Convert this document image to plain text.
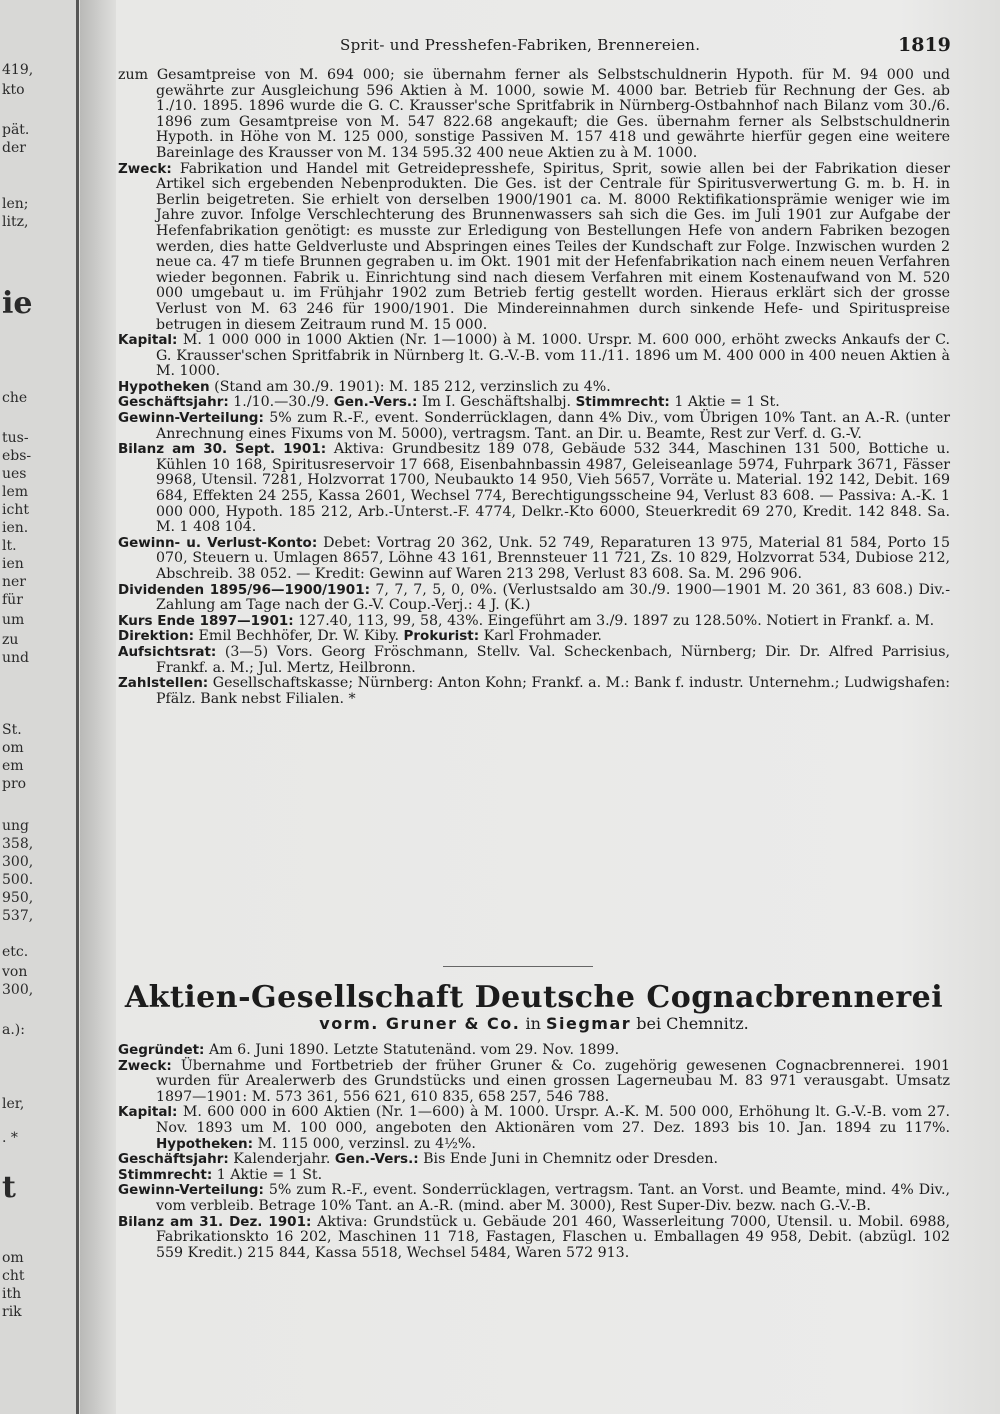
419,
kto
pät.
der
len;
litz,
ie
che
tus-
ebs-
ues
lem
icht
ien.
lt.
ien
ner
für
um
zu
und
St.
om
em
pro
ung
358,
300,
500.
950,
537,
etc.
von
300,
a.):
ler,
. *
t
om
cht
ith
rik
Sprit- und Presshefen-Fabriken, Brennereien.	1819

zum Gesamtpreise von M. 694 000; sie übernahm ferner als Selbstschuldnerin Hypoth. für M. 94 000 und gewährte zur Ausgleichung 596 Aktien à M. 1000, sowie M. 4000 bar. Betrieb für Rechnung der Ges. ab 1./10. 1895. 1896 wurde die G. C. Krausser'sche Spritfabrik in Nürnberg-Ostbahnhof nach Bilanz vom 30./6. 1896 zum Gesamtpreise von M. 547 822.68 angekauft; die Ges. übernahm ferner als Selbstschuldnerin Hypoth. in Höhe von M. 125 000, sonstige Passiven M. 157 418 und gewährte hierfür gegen eine weitere Bareinlage des Krausser von M. 134 595.32 400 neue Aktien zu à M. 1000.

Zweck: Fabrikation und Handel mit Getreidepresshefe, Spiritus, Sprit, sowie allen bei der Fabrikation dieser Artikel sich ergebenden Nebenprodukten. Die Ges. ist der Centrale für Spiritusverwertung G. m. b. H. in Berlin beigetreten. Sie erhielt von derselben 1900/1901 ca. M. 8000 Rektifikationsprämie weniger wie im Jahre zuvor. Infolge Verschlechterung des Brunnenwassers sah sich die Ges. im Juli 1901 zur Aufgabe der Hefenfabrikation genötigt: es musste zur Erledigung von Bestellungen Hefe von andern Fabriken bezogen werden, dies hatte Geldverluste und Abspringen eines Teiles der Kundschaft zur Folge. Inzwischen wurden 2 neue ca. 47 m tiefe Brunnen gegraben u. im Okt. 1901 mit der Hefenfabrikation nach einem neuen Verfahren wieder begonnen. Fabrik u. Einrichtung sind nach diesem Verfahren mit einem Kostenaufwand von M. 520 000 umgebaut u. im Frühjahr 1902 zum Betrieb fertig gestellt worden. Hieraus erklärt sich der grosse Verlust von M. 63 246 für 1900/1901. Die Mindereinnahmen durch sinkende Hefe- und Spirituspreise betrugen in diesem Zeitraum rund M. 15 000.

Kapital: M. 1 000 000 in 1000 Aktien (Nr. 1—1000) à M. 1000. Urspr. M. 600 000, erhöht zwecks Ankaufs der C. G. Krausser'schen Spritfabrik in Nürnberg lt. G.-V.-B. vom 11./11. 1896 um M. 400 000 in 400 neuen Aktien à M. 1000.

Hypotheken (Stand am 30./9. 1901): M. 185 212, verzinslich zu 4%.

Geschäftsjahr: 1./10.—30./9. Gen.-Vers.: Im I. Geschäftshalbj. Stimmrecht: 1 Aktie = 1 St.

Gewinn-Verteilung: 5% zum R.-F., event. Sonderrücklagen, dann 4% Div., vom Übrigen 10% Tant. an A.-R. (unter Anrechnung eines Fixums von M. 5000), vertragsm. Tant. an Dir. u. Beamte, Rest zur Verf. d. G.-V.

Bilanz am 30. Sept. 1901: Aktiva: Grundbesitz 189 078, Gebäude 532 344, Maschinen 131 500, Bottiche u. Kühlen 10 168, Spiritusreservoir 17 668, Eisenbahnbassin 4987, Geleiseanlage 5974, Fuhrpark 3671, Fässer 9968, Utensil. 7281, Holzvorrat 1700, Neubaukto 14 950, Vieh 5657, Vorräte u. Material. 192 142, Debit. 169 684, Effekten 24 255, Kassa 2601, Wechsel 774, Berechtigungsscheine 94, Verlust 83 608. — Passiva: A.-K. 1 000 000, Hypoth. 185 212, Arb.-Unterst.-F. 4774, Delkr.-Kto 6000, Steuerkredit 69 270, Kredit. 142 848. Sa. M. 1 408 104.

Gewinn- u. Verlust-Konto: Debet: Vortrag 20 362, Unk. 52 749, Reparaturen 13 975, Material 81 584, Porto 15 070, Steuern u. Umlagen 8657, Löhne 43 161, Brennsteuer 11 721, Zs. 10 829, Holzvorrat 534, Dubiose 212, Abschreib. 38 052. — Kredit: Gewinn auf Waren 213 298, Verlust 83 608. Sa. M. 296 906.

Dividenden 1895/96—1900/1901: 7, 7, 7, 5, 0, 0%. (Verlustsaldo am 30./9. 1900—1901 M. 20 361, 83 608.) Div.-Zahlung am Tage nach der G.-V. Coup.-Verj.: 4 J. (K.)

Kurs Ende 1897—1901: 127.40, 113, 99, 58, 43%. Eingeführt am 3./9. 1897 zu 128.50%. Notiert in Frankf. a. M.

Direktion: Emil Bechhöfer, Dr. W. Kiby. Prokurist: Karl Frohmader.

Aufsichtsrat: (3—5) Vors. Georg Fröschmann, Stellv. Val. Scheckenbach, Nürnberg; Dir. Dr. Alfred Parrisius, Frankf. a. M.; Jul. Mertz, Heilbronn.

Zahlstellen: Gesellschaftskasse; Nürnberg: Anton Kohn; Frankf. a. M.: Bank f. industr. Unternehm.; Ludwigshafen: Pfälz. Bank nebst Filialen. *

Aktien-Gesellschaft Deutsche Cognacbrennerei
vorm. Gruner & Co. in Siegmar bei Chemnitz.

Gegründet: Am 6. Juni 1890. Letzte Statutenänd. vom 29. Nov. 1899.

Zweck: Übernahme und Fortbetrieb der früher Gruner & Co. zugehörig gewesenen Cognacbrennerei. 1901 wurden für Arealerwerb des Grundstücks und einen grossen Lagerneubau M. 83 971 verausgabt. Umsatz 1897—1901: M. 573 361, 556 621, 610 835, 658 257, 546 788.

Kapital: M. 600 000 in 600 Aktien (Nr. 1—600) à M. 1000. Urspr. A.-K. M. 500 000, Erhöhung lt. G.-V.-B. vom 27. Nov. 1893 um M. 100 000, angeboten den Aktionären vom 27. Dez. 1893 bis 10. Jan. 1894 zu 117%. Hypotheken: M. 115 000, verzinsl. zu 4½%.

Geschäftsjahr: Kalenderjahr. Gen.-Vers.: Bis Ende Juni in Chemnitz oder Dresden.

Stimmrecht: 1 Aktie = 1 St.

Gewinn-Verteilung: 5% zum R.-F., event. Sonderrücklagen, vertragsm. Tant. an Vorst. und Beamte, mind. 4% Div., vom verbleib. Betrage 10% Tant. an A.-R. (mind. aber M. 3000), Rest Super-Div. bezw. nach G.-V.-B.

Bilanz am 31. Dez. 1901: Aktiva: Grundstück u. Gebäude 201 460, Wasserleitung 7000, Utensil. u. Mobil. 6988, Fabrikationskto 16 202, Maschinen 11 718, Fastagen, Flaschen u. Emballagen 49 958, Debit. (abzügl. 102 559 Kredit.) 215 844, Kassa 5518, Wechsel 5484, Waren 572 913.
